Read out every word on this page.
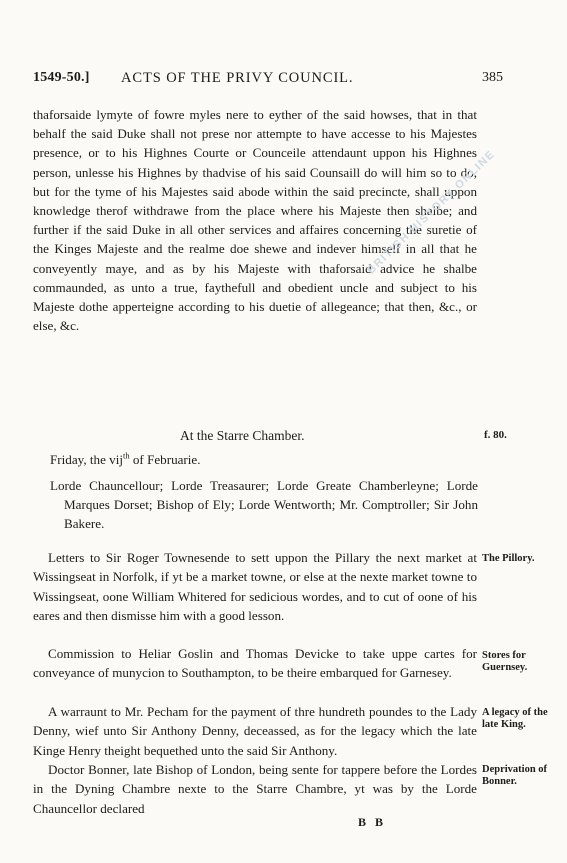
1549-50.] ACTS OF THE PRIVY COUNCIL.	385

thaforsaide lymyte of fowre myles nere to eyther of the said howses, that in that behalf the said Duke shall not prese nor attempte to have accesse to his Majestes presence, or to his Highnes Courte or Counceile attendaunt uppon his Highnes person, unlesse his Highnes by thadvise of his said Counsaill do will him so to do, but for the tyme of his Majestes said abode within the said precincte, shall uppon knowledge therof withdrawe from the place where his Majeste then shalbe; and further if the said Duke in all other services and affaires concerning the suretie of the Kinges Majeste and the realme doe shewe and indever himself in all that he conveyently maye, and as by his Majeste with thaforsaid advice he shalbe commaunded, as unto a true, faythefull and obedient uncle and subject to his Majeste dothe apperteigne according to his duetie of allegeance; that then, &c., or else, &c.

BRITISH HISTORY ONLINE
At the Starre Chamber.	f. 80.
Friday, the vij$^{th}$ of Februarie.

Lorde Chauncellour; Lorde Treasaurer; Lorde Greate Chamberleyne; Lorde Marques Dorset; Bishop of Ely; Lorde Wentworth; Mr. Comptroller; Sir John Bakere.

Letters to Sir Roger Townesende to sett uppon the Pillary the next market at Wissingseat in Norfolk, if yt be a market towne, or else at the nexte market towne to Wissingseat, oone William Whitered for sedicious wordes, and to cut of oone of his eares and then dismisse him with a good lesson.

The Pillory.

Commission to Heliar Goslin and Thomas Devicke to take uppe cartes for conveyance of munycion to Southampton, to be theire embarqued for Garnesey.

Stores for Guernsey.

A warraunt to Mr. Pecham for the payment of thre hundreth poundes to the Lady Denny, wief unto Sir Anthony Denny, deceassed, as for the legacy which the late Kinge Henry theight bequethed unto the said Sir Anthony.

A legacy of the late King.

Doctor Bonner, late Bishop of London, being sente for tappere before the Lordes in the Dyning Chambre nexte to the Starre Chambre, yt was by the Lorde Chauncellor declared

Deprivation of Bonner.
B B
